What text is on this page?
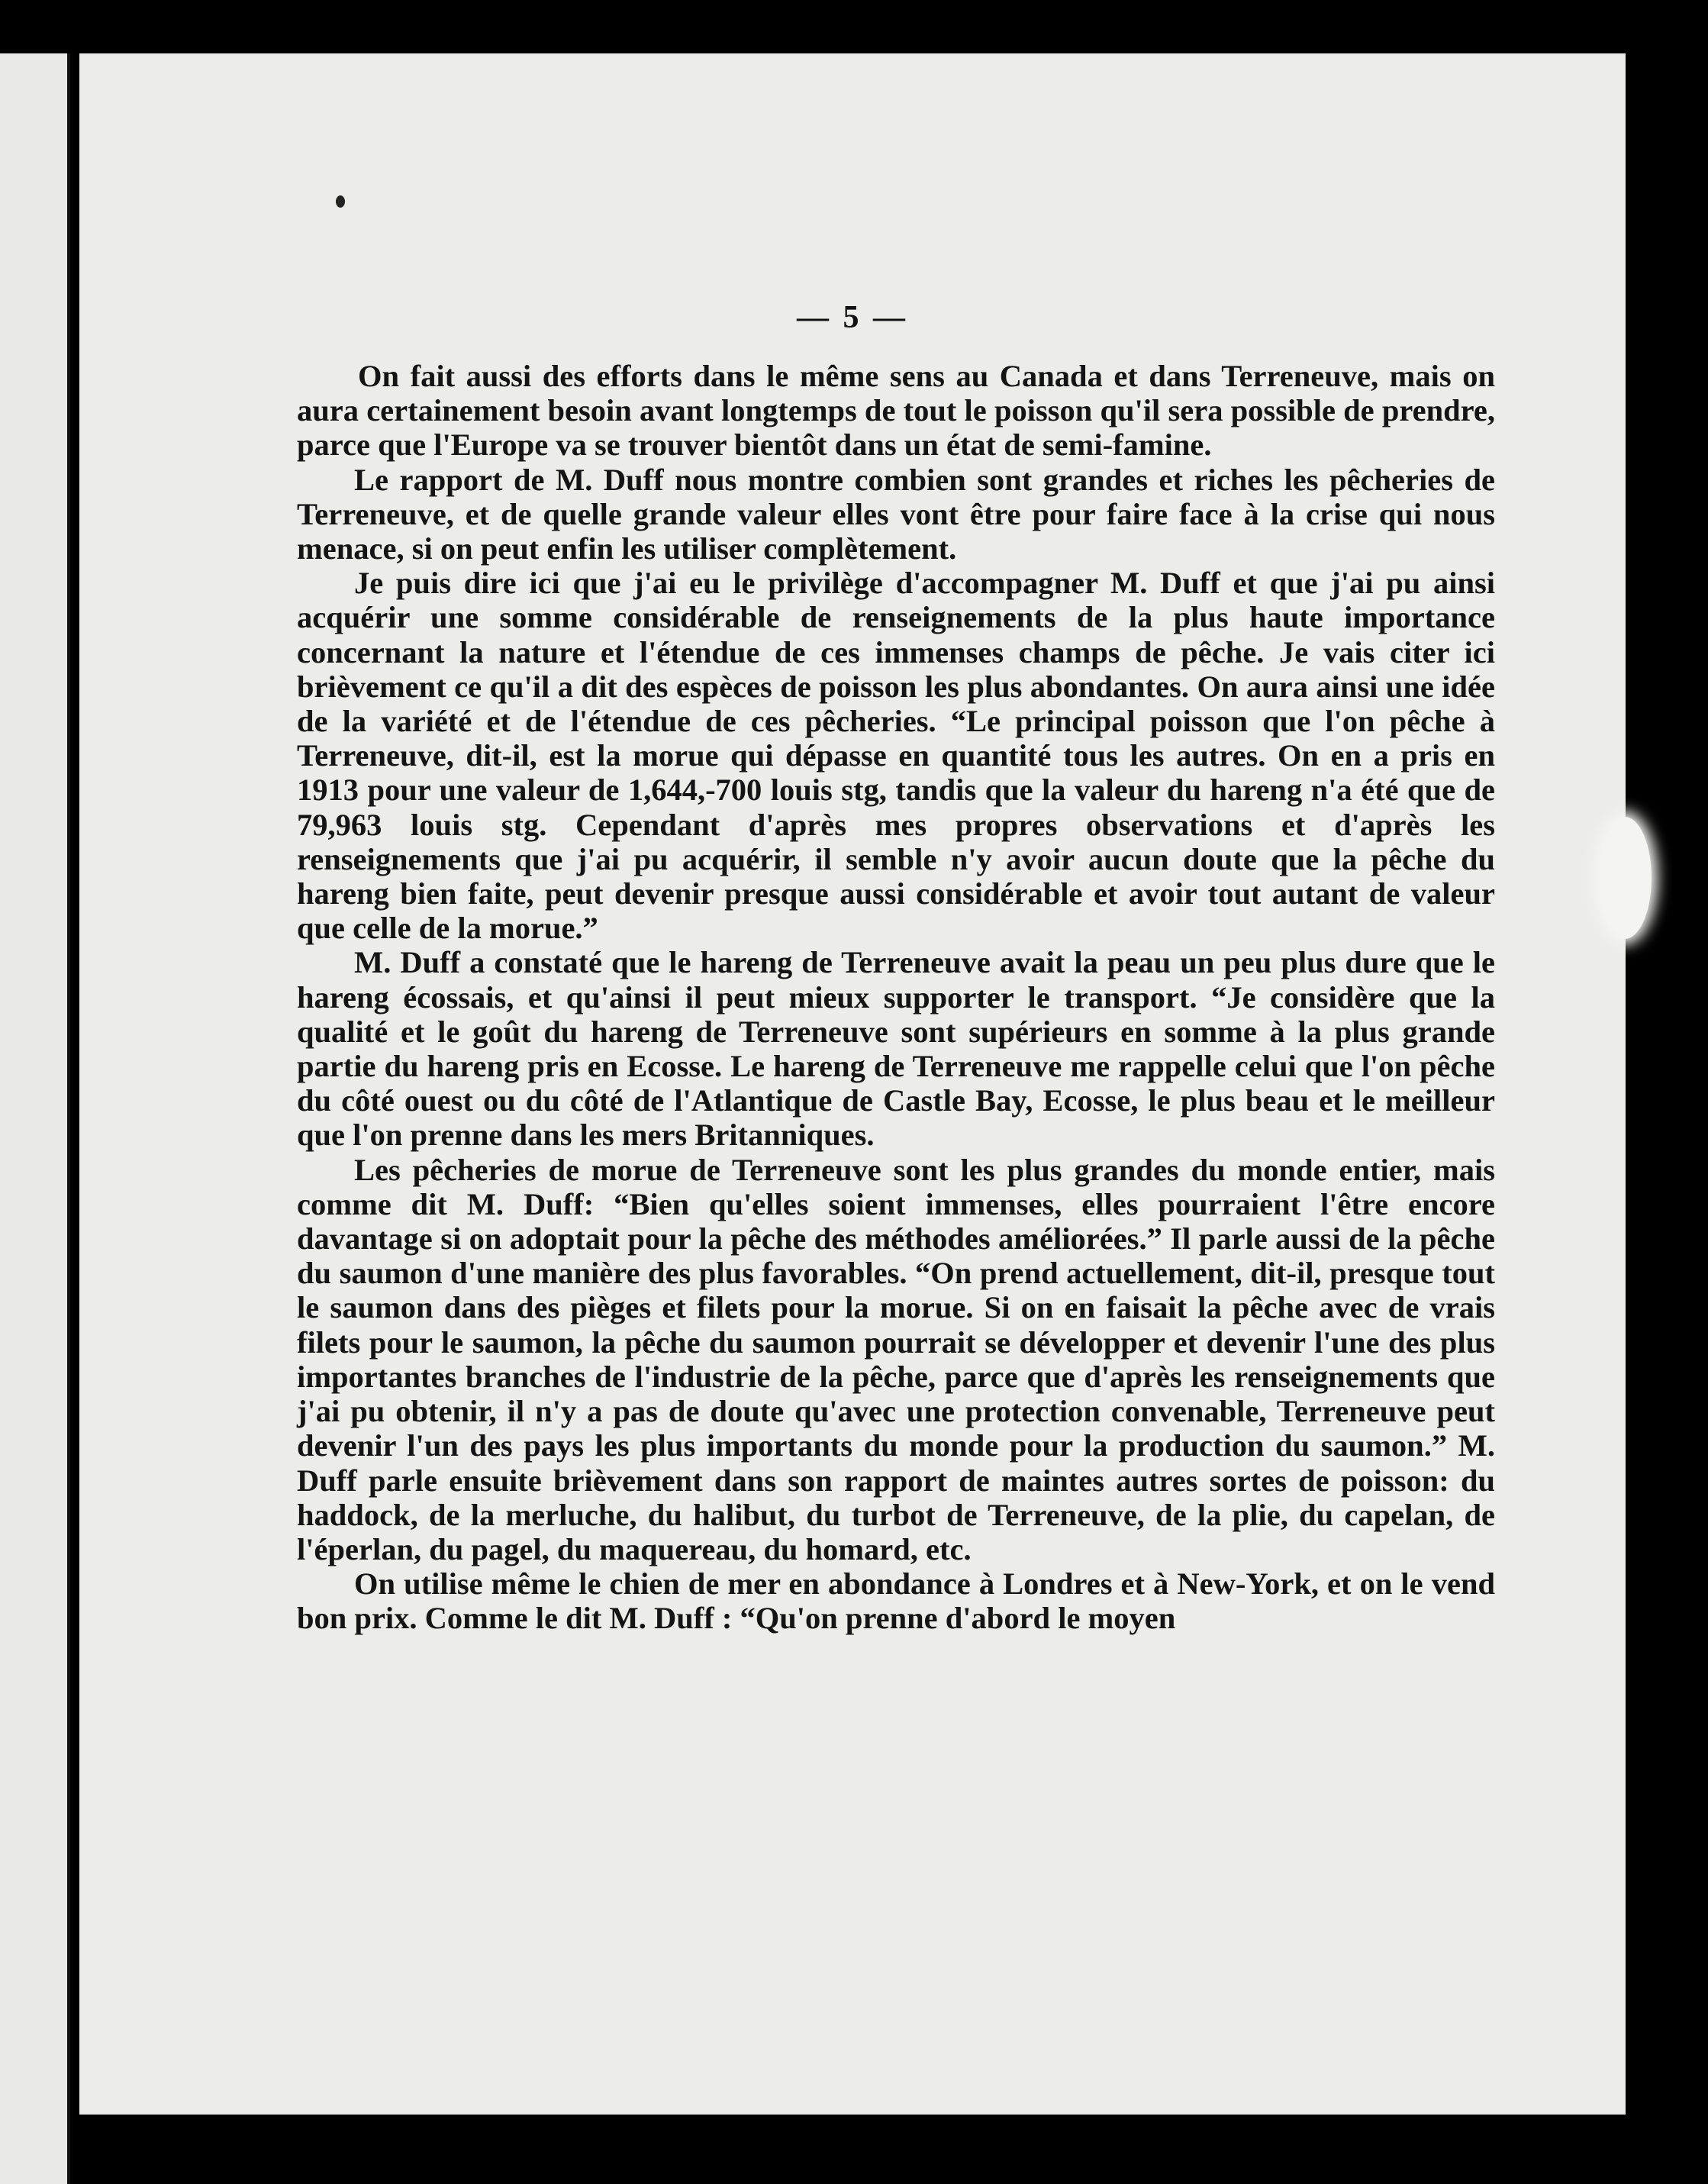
— 5 —

On fait aussi des efforts dans le même sens au Canada et dans Terreneuve, mais on aura certainement besoin avant longtemps de tout le poisson qu'il sera possible de prendre, parce que l'Europe va se trouver bientôt dans un état de semi-famine.

Le rapport de M. Duff nous montre combien sont grandes et riches les pêcheries de Terreneuve, et de quelle grande valeur elles vont être pour faire face à la crise qui nous menace, si on peut enfin les utiliser complètement.

Je puis dire ici que j'ai eu le privilège d'accompagner M. Duff et que j'ai pu ainsi acquérir une somme considérable de renseignements de la plus haute importance concernant la nature et l'étendue de ces immenses champs de pêche. Je vais citer ici brièvement ce qu'il a dit des espèces de poisson les plus abondantes. On aura ainsi une idée de la variété et de l'étendue de ces pêcheries. “Le principal poisson que l'on pêche à Terreneuve, dit-il, est la morue qui dépasse en quantité tous les autres. On en a pris en 1913 pour une valeur de 1,644,-700 louis stg, tandis que la valeur du hareng n'a été que de 79,963 louis stg. Cependant d'après mes propres observations et d'après les renseignements que j'ai pu acquérir, il semble n'y avoir aucun doute que la pêche du hareng bien faite, peut devenir presque aussi considérable et avoir tout autant de valeur que celle de la morue.”

M. Duff a constaté que le hareng de Terreneuve avait la peau un peu plus dure que le hareng écossais, et qu'ainsi il peut mieux supporter le transport. “Je considère que la qualité et le goût du hareng de Terreneuve sont supérieurs en somme à la plus grande partie du hareng pris en Ecosse. Le hareng de Terreneuve me rappelle celui que l'on pêche du côté ouest ou du côté de l'Atlantique de Castle Bay, Ecosse, le plus beau et le meilleur que l'on prenne dans les mers Britanniques.

Les pêcheries de morue de Terreneuve sont les plus grandes du monde entier, mais comme dit M. Duff: “Bien qu'elles soient immenses, elles pourraient l'être encore davantage si on adoptait pour la pêche des méthodes améliorées.” Il parle aussi de la pêche du saumon d'une manière des plus favorables. “On prend actuellement, dit-il, presque tout le saumon dans des pièges et filets pour la morue. Si on en faisait la pêche avec de vrais filets pour le saumon, la pêche du saumon pourrait se développer et devenir l'une des plus importantes branches de l'industrie de la pêche, parce que d'après les renseignements que j'ai pu obtenir, il n'y a pas de doute qu'avec une protection convenable, Terreneuve peut devenir l'un des pays les plus importants du monde pour la production du saumon.” M. Duff parle ensuite brièvement dans son rapport de maintes autres sortes de poisson: du haddock, de la merluche, du halibut, du turbot de Terreneuve, de la plie, du capelan, de l'éperlan, du pagel, du maquereau, du homard, etc.

On utilise même le chien de mer en abondance à Londres et à New-York, et on le vend bon prix. Comme le dit M. Duff : “Qu'on prenne d'abord le moyen
